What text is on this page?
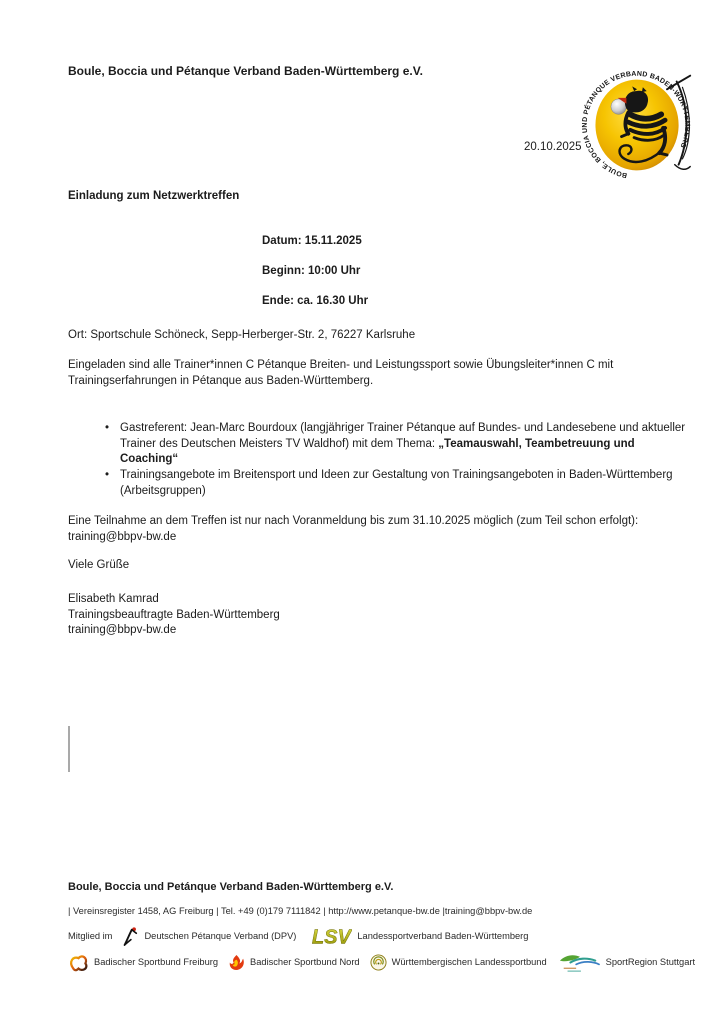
Boule, Boccia und Pétanque Verband Baden-Württemberg e.V.
BOULE, BOCCIA UND PÉTANQUE VERBAND BADEN-WÜRTTEMBERG
20.10.2025
Einladung zum Netzwerktreffen
Datum: 15.11.2025
Beginn: 10:00 Uhr
Ende: ca. 16.30 Uhr
Ort: Sportschule Schöneck, Sepp-Herberger-Str. 2, 76227 Karlsruhe
Eingeladen sind alle Trainer*innen C Pétanque Breiten- und Leistungssport sowie Übungsleiter*innen C mit
Trainingserfahrungen in Pétanque aus Baden-Württemberg.
• Gastreferent: Jean-Marc Bourdoux (langjähriger Trainer Pétanque auf Bundes- und Landesebene und aktueller
Trainer des Deutschen Meisters TV Waldhof) mit dem Thema: „Teamauswahl, Teambetreuung und
Coaching“
• Trainingsangebote im Breitensport und Ideen zur Gestaltung von Trainingsangeboten in Baden-Württemberg
(Arbeitsgruppen)
Eine Teilnahme an dem Treffen ist nur nach Voranmeldung bis zum 31.10.2025 möglich (zum Teil schon erfolgt):
training@bbpv-bw.de
Viele Grüße
Elisabeth Kamrad
Trainingsbeauftragte Baden-Württemberg
training@bbpv-bw.de
Boule, Boccia und Petánque Verband Baden-Württemberg e.V.
| Vereinsregister 1458, AG Freiburg | Tel. +49 (0)179 7111842 | http://www.petanque-bw.de |training@bbpv-bw.de
Mitglied im	Deutschen Pétanque Verband (DPV) LSV Landessportverband Baden-Württemberg
Badischer Sportbund Freiburg	Badischer Sportbund Nord	Württembergischen Landessportbund	SportRegion Stuttgart
